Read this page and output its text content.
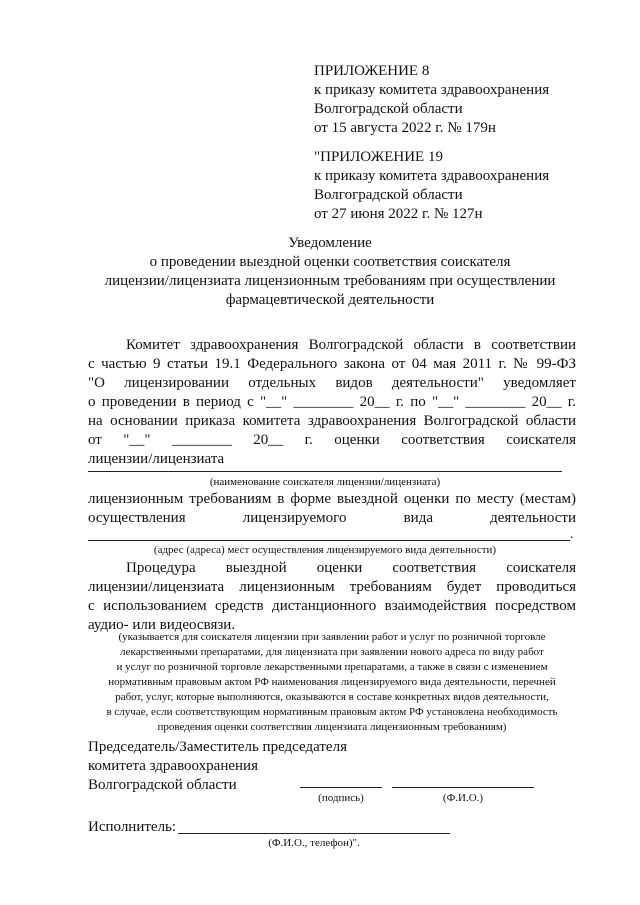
ПРИЛОЖЕНИЕ 8
к приказу комитета здравоохранения
Волгоградской области
от 15 августа 2022 г. № 179н
"ПРИЛОЖЕНИЕ 19
к приказу комитета здравоохранения
Волгоградской области
от 27 июня 2022 г. № 127н
Уведомление
о проведении выездной оценки соответствия соискателя
лицензии/лицензиата лицензионным требованиям при осуществлении
фармацевтической деятельности
Комитет здравоохранения Волгоградской области в соответствии
с частью 9 статьи 19.1 Федерального закона от 04 мая 2011 г. № 99-ФЗ
"О лицензировании отдельных видов деятельности" уведомляет
о проведении в период с "__" ________ 20__ г. по "__" ________ 20__ г.
на основании приказа комитета здравоохранения Волгоградской области
от "__" ________ 20__ г. оценки соответствия соискателя
лицензии/лицензиата
(наименование соискателя лицензии/лицензиата)
лицензионным требованиям в форме выездной оценки по месту (местам)
осуществления лицензируемого вида деятельности
.
(адрес (адреса) мест осуществления лицензируемого вида деятельности)
Процедура выездной оценки соответствия соискателя
лицензии/лицензиата лицензионным требованиям будет проводиться
с использованием средств дистанционного взаимодействия посредством
аудио- или видеосвязи.
(указывается для соискателя лицензии при заявлении работ и услуг по розничной торговле
лекарственными препаратами, для лицензиата при заявлении нового адреса по виду работ
и услуг по розничной торговле лекарственными препаратами, а также в связи с изменением
нормативным правовым актом РФ наименования лицензируемого вида деятельности, перечней
работ, услуг, которые выполняются, оказываются в составе конкретных видов деятельности,
в случае, если соответствующим нормативным правовым актом РФ установлена необходимость
проведения оценки соответствия лицензиата лицензионным требованиям)
Председатель/Заместитель председателя
комитета здравоохранения
Волгоградской области
(подпись)	(Ф.И.О.)
Исполнитель:
(Ф.И.О., телефон)".
